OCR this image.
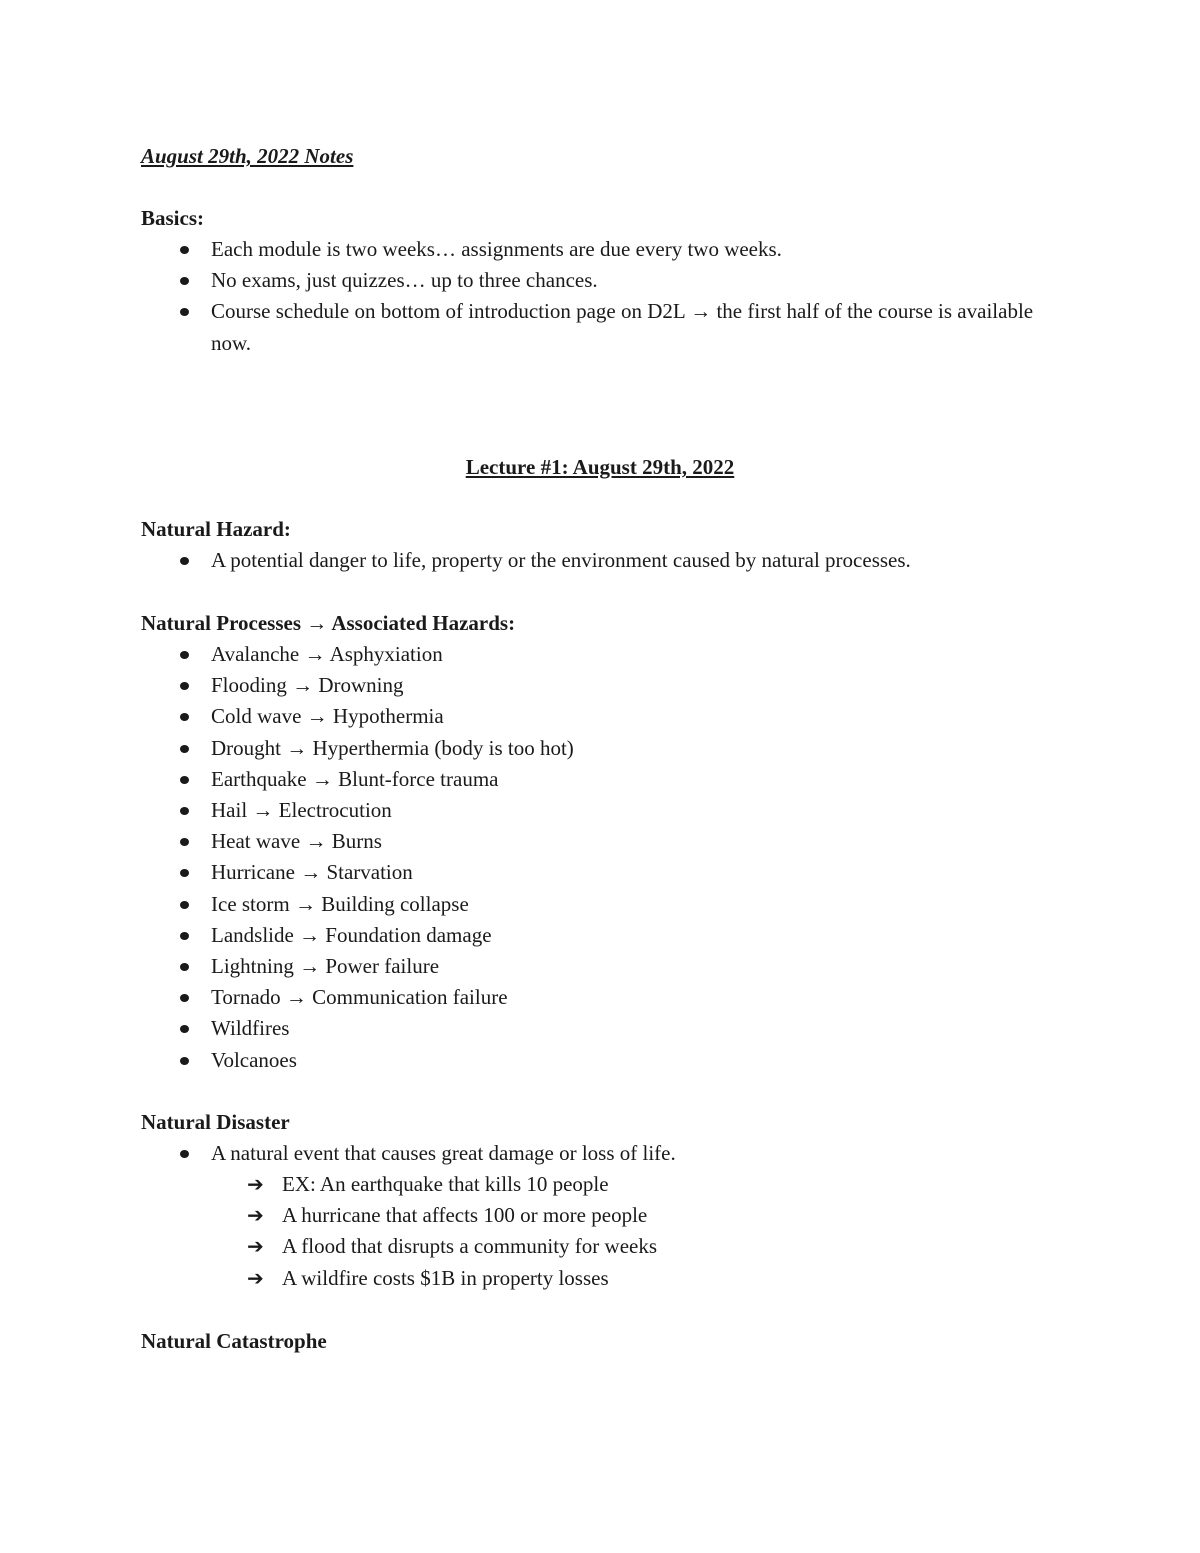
August 29th, 2022 Notes
Basics:
Each module is two weeks… assignments are due every two weeks.
No exams, just quizzes… up to three chances.
Course schedule on bottom of introduction page on D2L → the first half of the course is available now.
Lecture #1: August 29th, 2022
Natural Hazard:
A potential danger to life, property or the environment caused by natural processes.
Natural Processes → Associated Hazards:
Avalanche → Asphyxiation
Flooding → Drowning
Cold wave → Hypothermia
Drought → Hyperthermia (body is too hot)
Earthquake → Blunt-force trauma
Hail → Electrocution
Heat wave → Burns
Hurricane → Starvation
Ice storm → Building collapse
Landslide → Foundation damage
Lightning → Power failure
Tornado → Communication failure
Wildfires
Volcanoes
Natural Disaster
A natural event that causes great damage or loss of life.
➔ EX: An earthquake that kills 10 people
➔ A hurricane that affects 100 or more people
➔ A flood that disrupts a community for weeks
➔ A wildfire costs $1B in property losses
Natural Catastrophe
